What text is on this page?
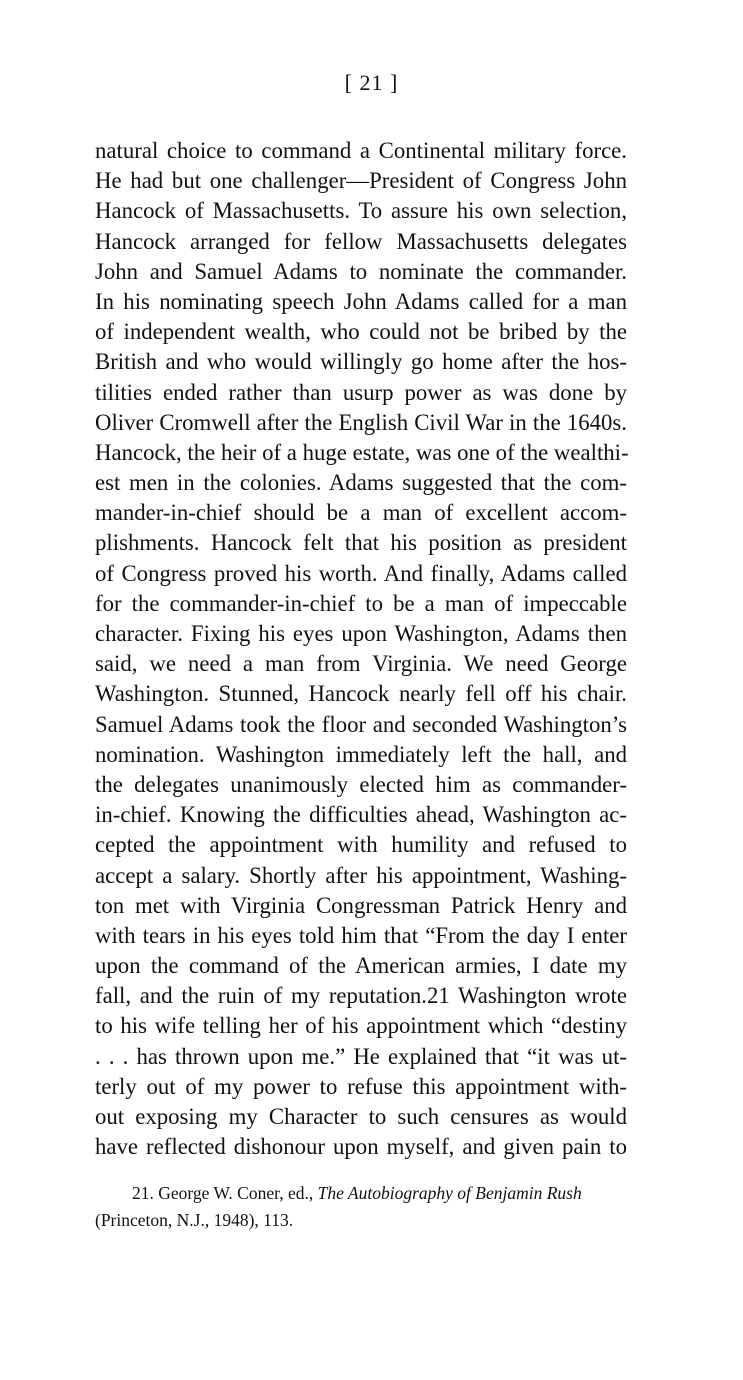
[ 21 ]
natural choice to command a Continental military force.
He had but one challenger—President of Congress John
Hancock of Massachusetts. To assure his own selection,
Hancock arranged for fellow Massachusetts delegates
John and Samuel Adams to nominate the commander.
In his nominating speech John Adams called for a man
of independent wealth, who could not be bribed by the
British and who would willingly go home after the hos-
tilities ended rather than usurp power as was done by
Oliver Cromwell after the English Civil War in the 1640s.
Hancock, the heir of a huge estate, was one of the wealthi-
est men in the colonies. Adams suggested that the com-
mander-in-chief should be a man of excellent accom-
plishments. Hancock felt that his position as president
of Congress proved his worth. And finally, Adams called
for the commander-in-chief to be a man of impeccable
character. Fixing his eyes upon Washington, Adams then
said, we need a man from Virginia. We need George
Washington. Stunned, Hancock nearly fell off his chair.
Samuel Adams took the floor and seconded Washington’s
nomination. Washington immediately left the hall, and
the delegates unanimously elected him as commander-
in-chief. Knowing the difficulties ahead, Washington ac-
cepted the appointment with humility and refused to
accept a salary. Shortly after his appointment, Washing-
ton met with Virginia Congressman Patrick Henry and
with tears in his eyes told him that “From the day I enter
upon the command of the American armies, I date my
fall, and the ruin of my reputation.21 Washington wrote
to his wife telling her of his appointment which “destiny
. . . has thrown upon me.” He explained that “it was ut-
terly out of my power to refuse this appointment with-
out exposing my Character to such censures as would
have reflected dishonour upon myself, and given pain to
21. George W. Coner, ed., The Autobiography of Benjamin Rush
(Princeton, N.J., 1948), 113.
